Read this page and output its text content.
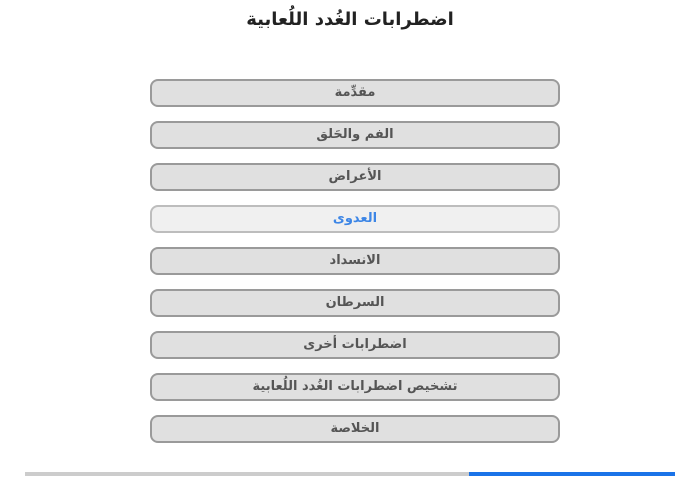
اضطرابات الغُدد اللُعابية
مقدِّمة
الفم والحَلق
الأعراض
العدوى
الانسداد
السرطان
اضطرابات أخرى
تشخيص اضطرابات الغُدد اللُعابية
الخلاصة
